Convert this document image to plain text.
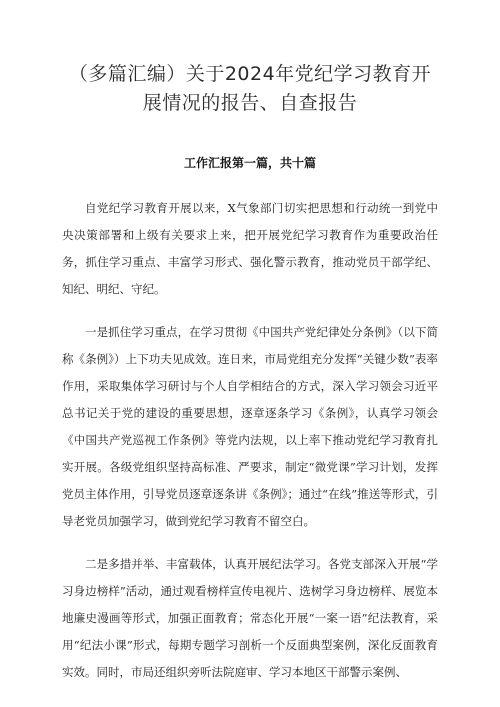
（多篇汇编）关于2024年党纪学习教育开
展情况的报告、自查报告
工作汇报第一篇，共十篇

自党纪学习教育开展以来，X气象部门切实把思想和行动统一到党中央决策部署和上级有关要求上来，把开展党纪学习教育作为重要政治任务，抓住学习重点、丰富学习形式、强化警示教育，推动党员干部学纪、知纪、明纪、守纪。

一是抓住学习重点，在学习贯彻《中国共产党纪律处分条例》（以下简称《条例》）上下功夫见成效。连日来，市局党组充分发挥“关键少数”表率作用，采取集体学习研讨与个人自学相结合的方式，深入学习领会习近平总书记关于党的建设的重要思想，逐章逐条学习《条例》，认真学习领会《中国共产党巡视工作条例》等党内法规，以上率下推动党纪学习教育扎实开展。各级党组织坚持高标准、严要求，制定“微党课”学习计划，发挥党员主体作用，引导党员逐章逐条讲《条例》；通过“在线”推送等形式，引导老党员加强学习，做到党纪学习教育不留空白。

二是多措并举、丰富载体，认真开展纪法学习。各党支部深入开展“学习身边榜样”活动，通过观看榜样宣传电视片、选树学习身边榜样、展览本地廉史漫画等形式，加强正面教育；常态化开展“一案一语”纪法教育，采用“纪法小课”形式，每期专题学习剖析一个反面典型案例，深化反面教育实效。同时，市局还组织旁听法院庭审、学习本地区干部警示案例、
